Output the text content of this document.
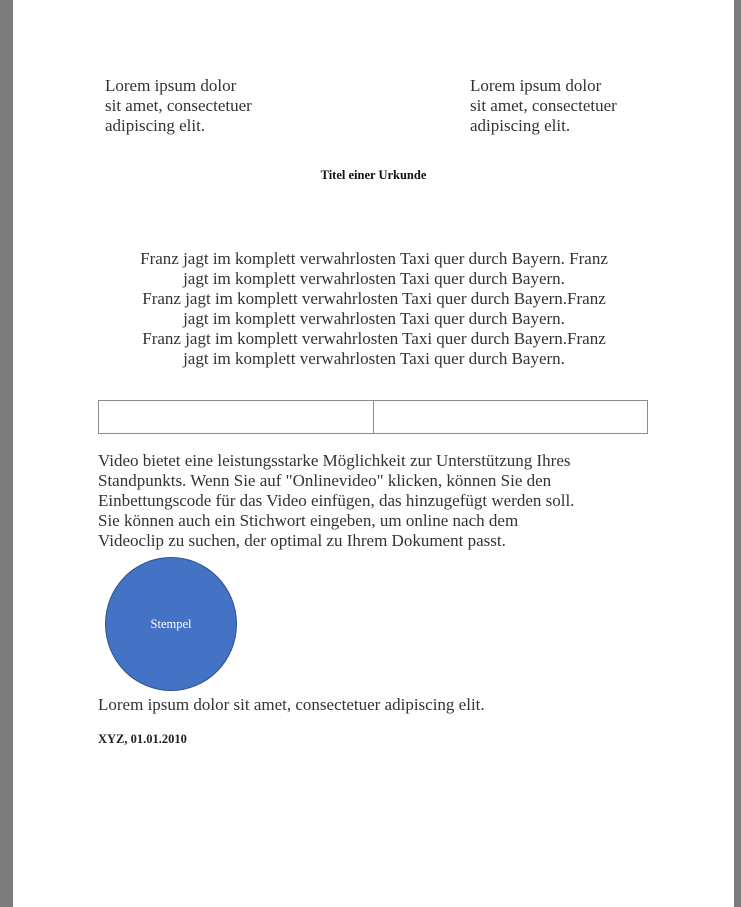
Lorem ipsum dolor
sit amet, consectetuer
adipiscing elit.
Lorem ipsum dolor
sit amet, consectetuer
adipiscing elit.
Titel einer Urkunde
Franz jagt im komplett verwahrlosten Taxi quer durch Bayern. Franz
jagt im komplett verwahrlosten Taxi quer durch Bayern.
Franz jagt im komplett verwahrlosten Taxi quer durch Bayern.Franz
jagt im komplett verwahrlosten Taxi quer durch Bayern.
Franz jagt im komplett verwahrlosten Taxi quer durch Bayern.Franz
jagt im komplett verwahrlosten Taxi quer durch Bayern.
Video bietet eine leistungsstarke Möglichkeit zur Unterstützung Ihres
Standpunkts. Wenn Sie auf "Onlinevideo" klicken, können Sie den
Einbettungscode für das Video einfügen, das hinzugefügt werden soll.
Sie können auch ein Stichwort eingeben, um online nach dem
Videoclip zu suchen, der optimal zu Ihrem Dokument passt.
Stempel
Lorem ipsum dolor sit amet, consectetuer adipiscing elit.
XYZ, 01.01.2010
